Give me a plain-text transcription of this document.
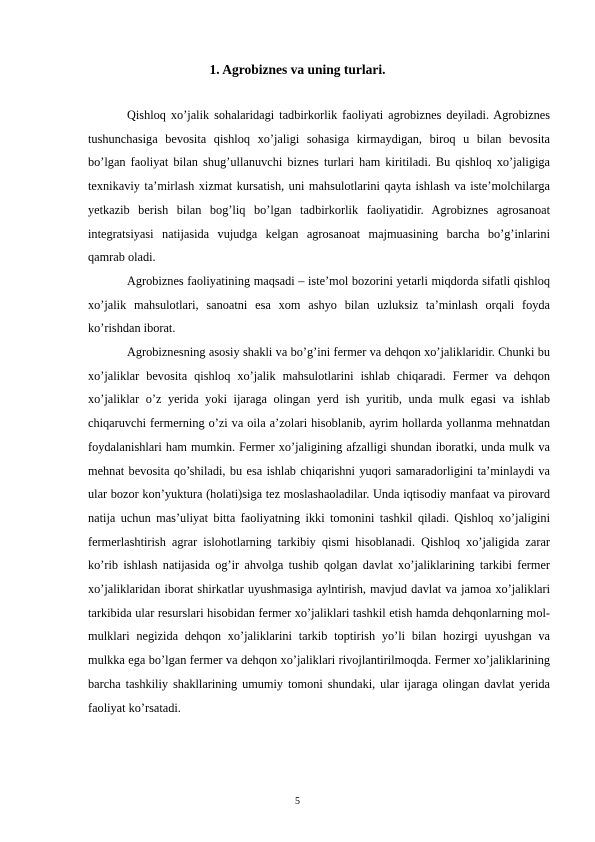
1. Agrobiznes va uning turlari.

Qishloq xo’jalik sohalaridagi tadbirkorlik faoliyati agrobiznes deyiladi. Agrobiznes tushunchasiga bevosita qishloq xo’jaligi sohasiga kirmaydigan, biroq u bilan bevosita bo’lgan faoliyat bilan shug’ullanuvchi biznes turlari ham kiritiladi. Bu qishloq xo’jaligiga texnikaviy ta’mirlash xizmat kursatish, uni mahsulotlarini qayta ishlash va iste’molchilarga yetkazib berish bilan bog’liq bo’lgan tadbirkorlik faoliyatidir. Agrobiznes agrosanoat integratsiyasi natijasida vujudga kelgan agrosanoat majmuasining barcha bo’g’inlarini qamrab oladi.

Agrobiznes faoliyatining maqsadi – iste’mol bozorini yetarli miqdorda sifatli qishloq xo’jalik mahsulotlari, sanoatni esa xom ashyo bilan uzluksiz ta’minlash orqali foyda ko’rishdan iborat.

Agrobiznesning asosiy shakli va bo’g’ini fermer va dehqon xo’jaliklaridir. Chunki bu xo’jaliklar bevosita qishloq xo’jalik mahsulotlarini ishlab chiqaradi. Fermer va dehqon xo’jaliklar o’z yerida yoki ijaraga olingan yerd ish yuritib, unda mulk egasi va ishlab chiqaruvchi fermerning o’zi va oila a’zolari hisoblanib, ayrim hollarda yollanma mehnatdan foydalanishlari ham mumkin. Fermer xo’jaligining afzalligi shundan iboratki, unda mulk va mehnat bevosita qo’shiladi, bu esa ishlab chiqarishni yuqori samaradorligini ta’minlaydi va ular bozor kon’yuktura (holati)siga tez moslashaoladilar. Unda iqtisodiy manfaat va pirovard natija uchun mas’uliyat bitta faoliyatning ikki tomonini tashkil qiladi. Qishloq xo’jaligini fermerlashtirish agrar islohotlarning tarkibiy qismi hisoblanadi. Qishloq xo’jaligida zarar ko’rib ishlash natijasida og’ir ahvolga tushib qolgan davlat xo’jaliklarining tarkibi fermer xo’jaliklaridan iborat shirkatlar uyushmasiga aylntirish, mavjud davlat va jamoa xo’jaliklari tarkibida ular resurslari hisobidan fermer xo’jaliklari tashkil etish hamda dehqonlarning mol-mulklari negizida dehqon xo’jaliklarini tarkib toptirish yo’li bilan hozirgi uyushgan va mulkka ega bo’lgan fermer va dehqon xo’jaliklari rivojlantirilmoqda. Fermer xo’jaliklarining barcha tashkiliy shakllarining umumiy tomoni shundaki, ular ijaraga olingan davlat yerida faoliyat ko’rsatadi.

5
